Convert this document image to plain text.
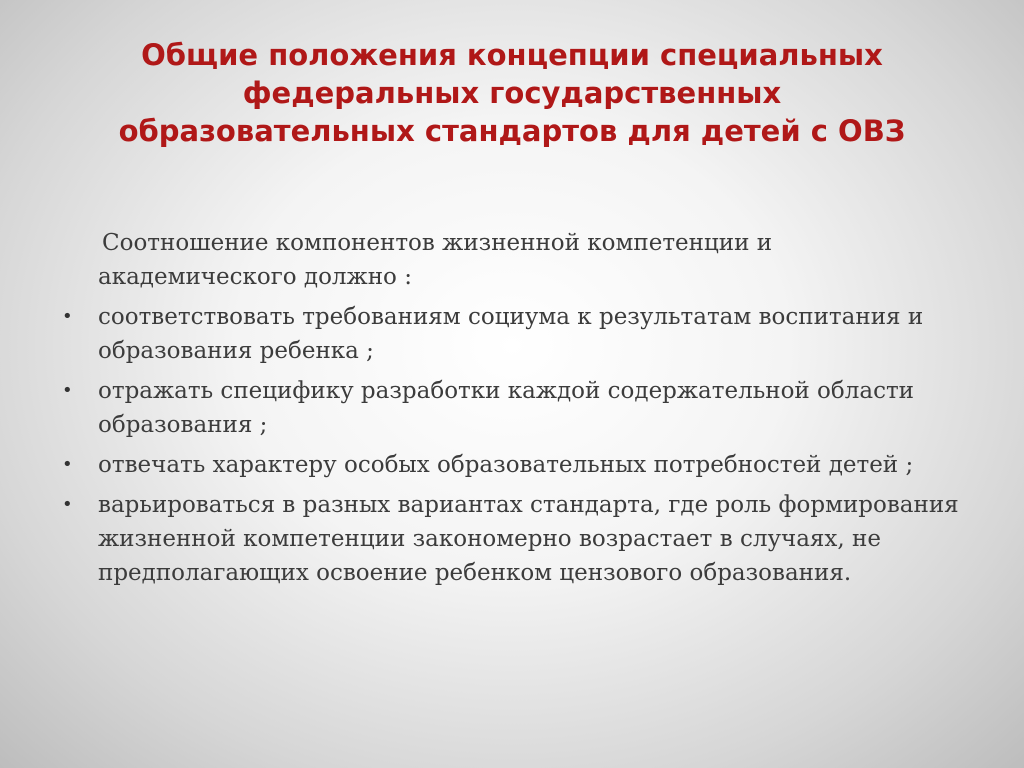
Общие положения концепции специальных
федеральных государственных
образовательных стандартов для детей с ОВЗ

Соотношение компонентов жизненной компетенции и академического должно :

• соответствовать требованиям социума к результатам воспитания и образования ребенка ;
• отражать специфику разработки каждой содержательной области образования ;
• отвечать характеру особых образовательных потребностей детей ;
• варьироваться в разных вариантах стандарта, где роль формирования жизненной компетенции закономерно возрастает в случаях, не предполагающих освоение ребенком цензового образования.
